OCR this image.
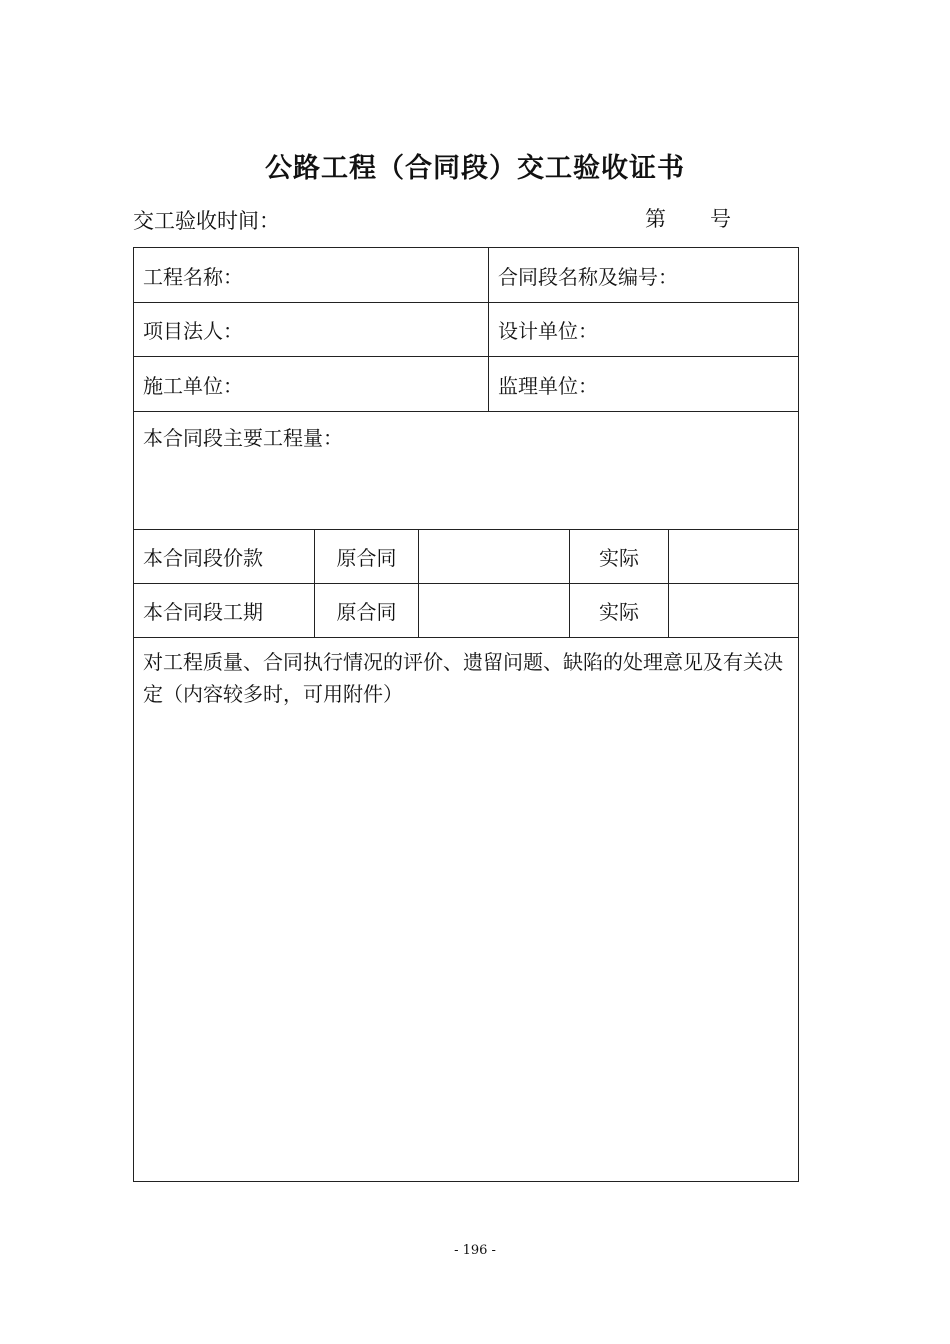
公路工程（合同段）交工验收证书
交工验收时间：	第 号
工程名称：	合同段名称及编号：
项目法人：	设计单位：
施工单位：	监理单位：
本合同段主要工程量：
本合同段价款	原合同	实际
本合同段工期	原合同	实际
对工程质量、合同执行情况的评价、遗留问题、缺陷的处理意见及有关决定（内容较多时，可用附件）
- 196 -
